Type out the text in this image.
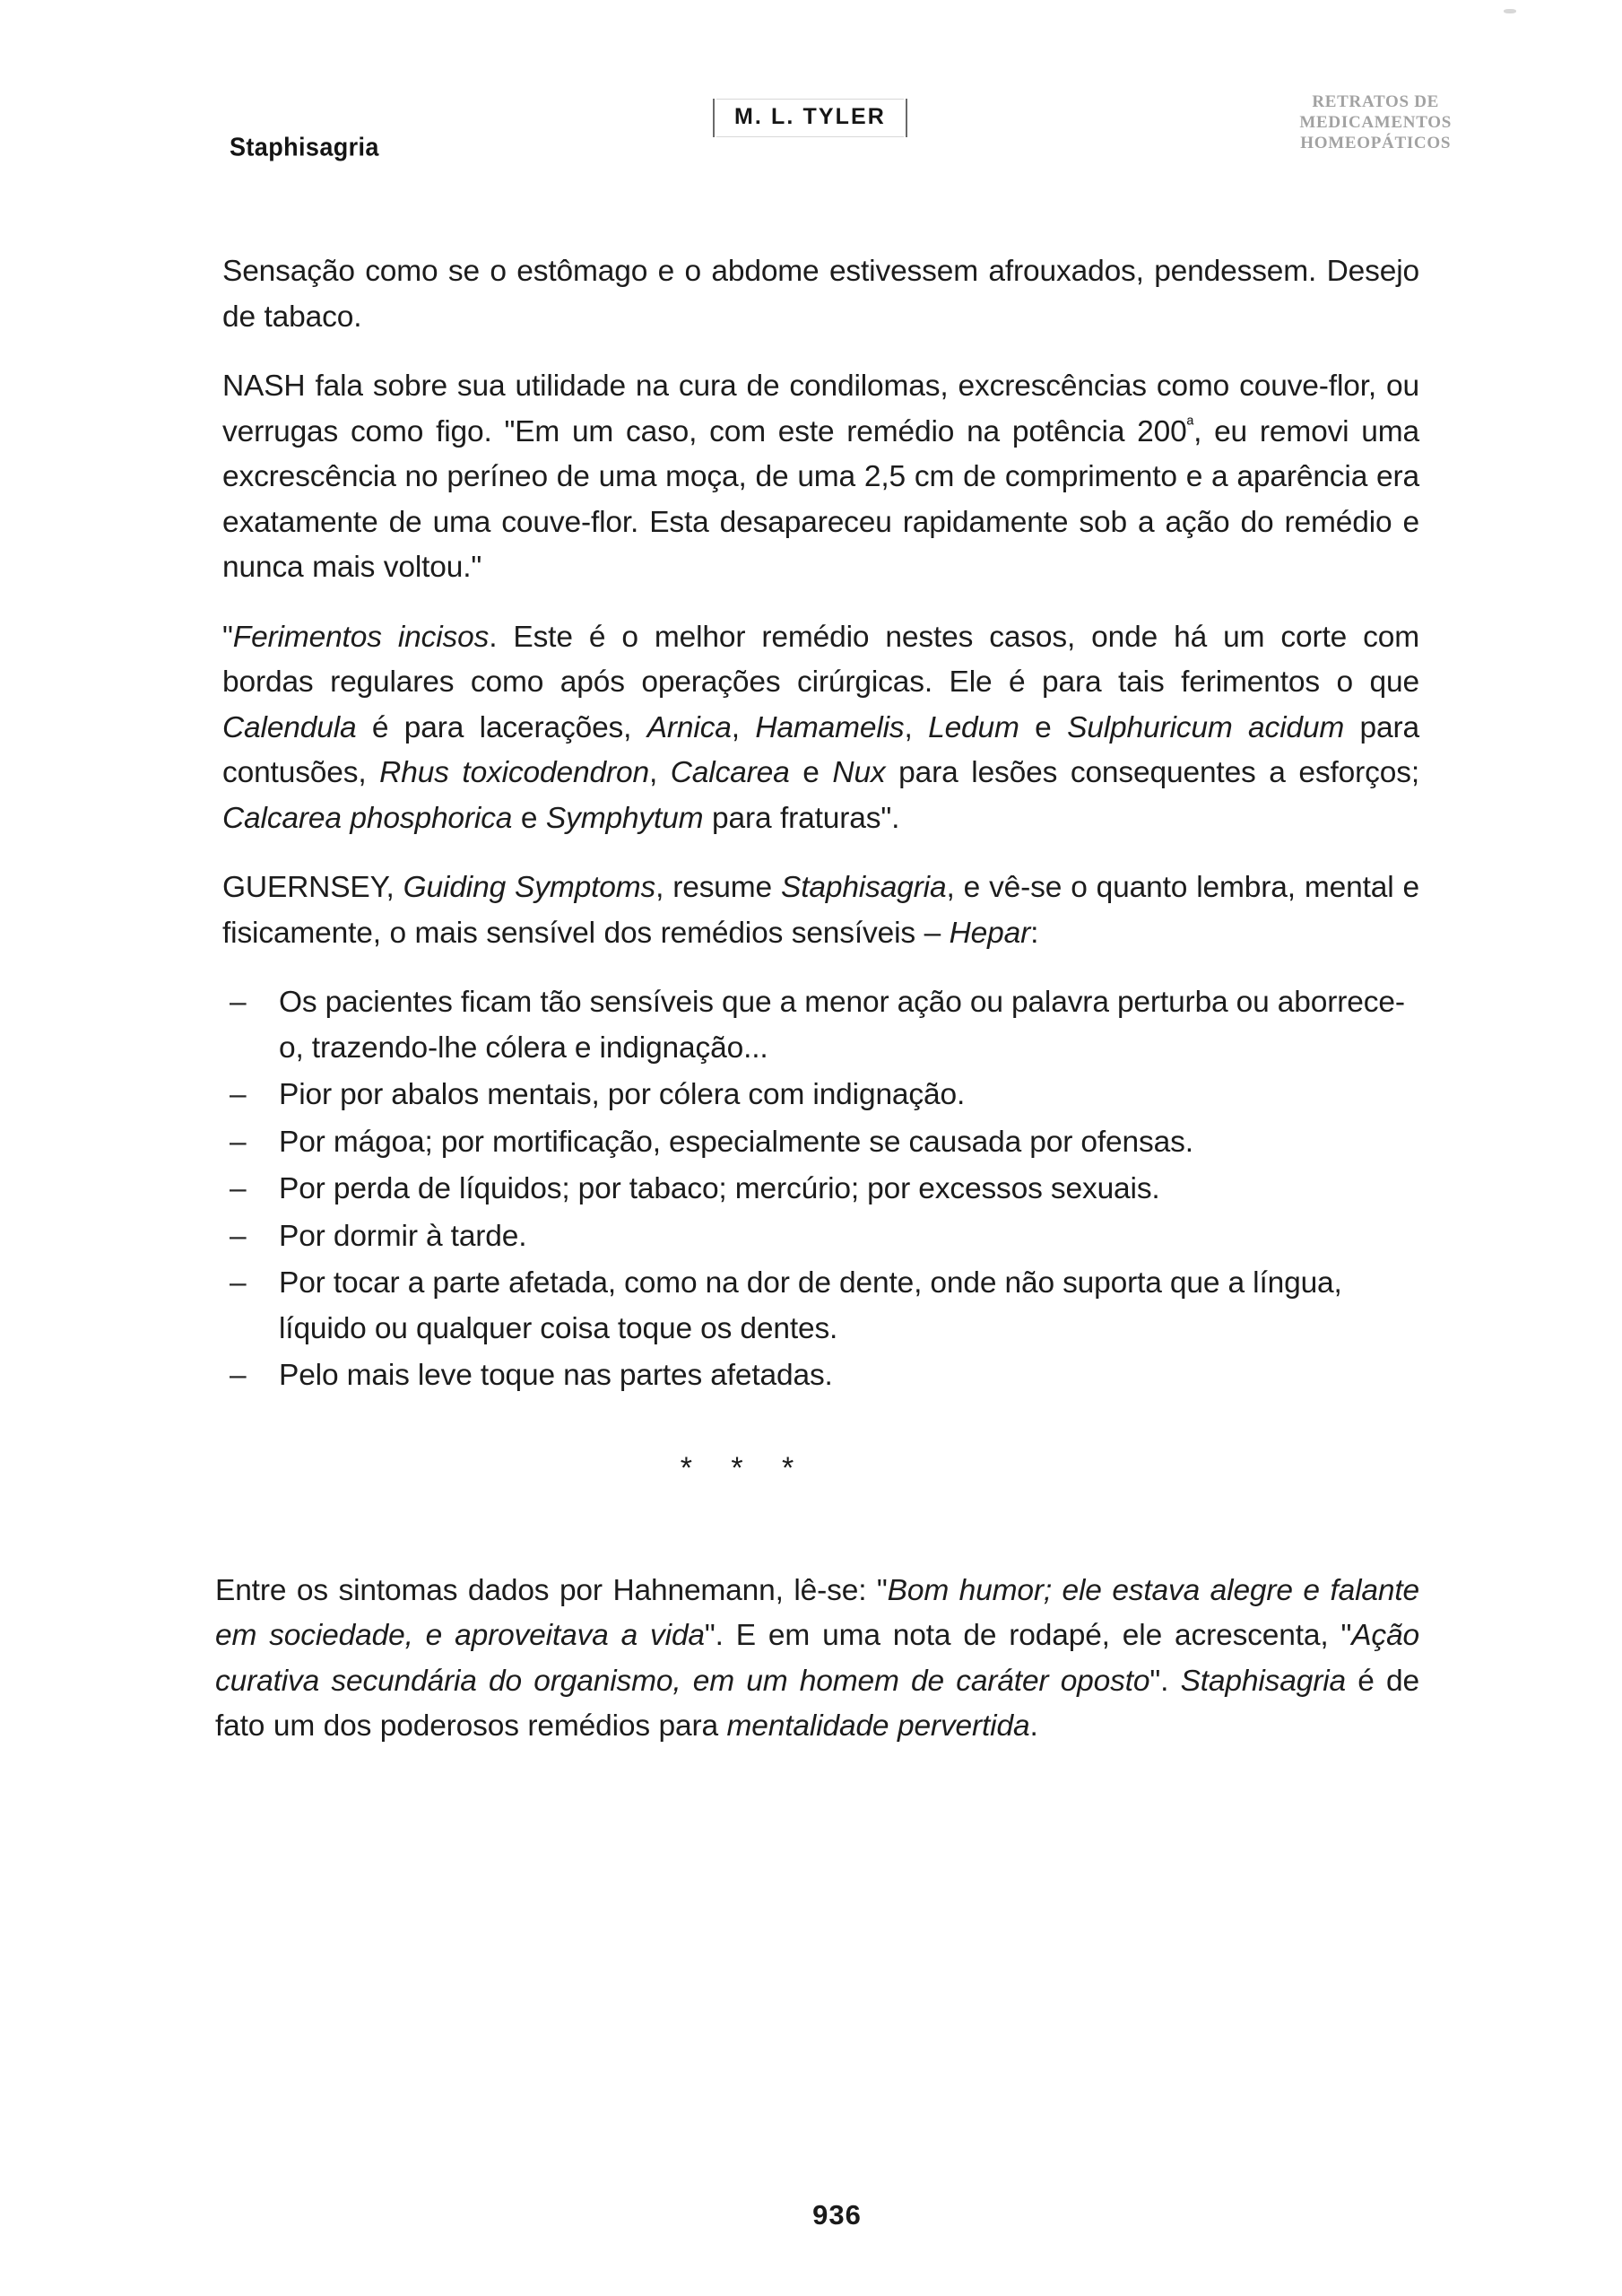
Staphisagria
M. L. TYLER
RETRATOS DE
MEDICAMENTOS
HOMEOPÁTICOS

Sensação como se o estômago e o abdome estivessem afrouxados, pendessem. Desejo de tabaco.

NASH fala sobre sua utilidade na cura de condilomas, excrescências como couve-flor, ou verrugas como figo. "Em um caso, com este remédio na potência $200^ª$, eu removi uma excrescência no períneo de uma moça, de uma 2,5 cm de comprimento e a aparência era exatamente de uma couve-flor. Esta desapareceu rapidamente sob a ação do remédio e nunca mais voltou."

"Ferimentos incisos. Este é o melhor remédio nestes casos, onde há um corte com bordas regulares como após operações cirúrgicas. Ele é para tais ferimentos o que Calendula é para lacerações, Arnica, Hamamelis, Ledum e Sulphuricum acidum para contusões, Rhus toxicodendron, Calcarea e Nux para lesões consequentes a esforços; Calcarea phosphorica e Symphytum para fraturas".

GUERNSEY, Guiding Symptoms, resume Staphisagria, e vê-se o quanto lembra, mental e fisicamente, o mais sensível dos remédios sensíveis – Hepar:

– Os pacientes ficam tão sensíveis que a menor ação ou palavra perturba ou aborrece-o, trazendo-lhe cólera e indignação...
– Pior por abalos mentais, por cólera com indignação.
– Por mágoa; por mortificação, especialmente se causada por ofensas.
– Por perda de líquidos; por tabaco; mercúrio; por excessos sexuais.
– Por dormir à tarde.
– Por tocar a parte afetada, como na dor de dente, onde não suporta que a língua, líquido ou qualquer coisa toque os dentes.
– Pelo mais leve toque nas partes afetadas.
* * *

Entre os sintomas dados por Hahnemann, lê-se: "Bom humor; ele estava alegre e falante em sociedade, e aproveitava a vida". E em uma nota de rodapé, ele acrescenta, "Ação curativa secundária do organismo, em um homem de caráter oposto". Staphisagria é de fato um dos poderosos remédios para mentalidade pervertida.

936
